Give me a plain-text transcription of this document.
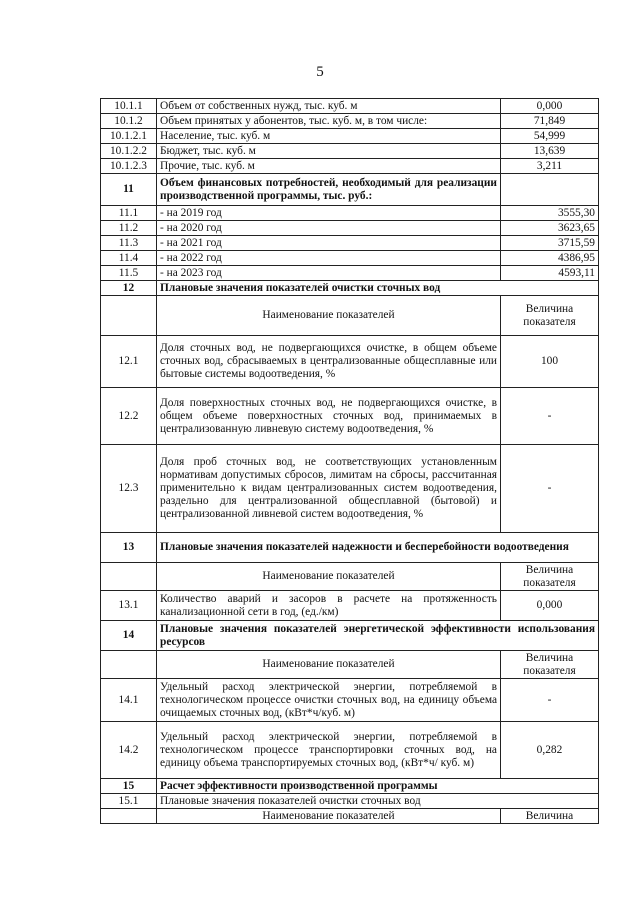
5
10.1.1	Объем от собственных нужд, тыс. куб. м	0,000
10.1.2	Объем принятых у абонентов, тыс. куб. м, в том числе:	71,849
10.1.2.1	Население, тыс. куб. м	54,999
10.1.2.2	Бюджет, тыс. куб. м	13,639
10.1.2.3	Прочие, тыс. куб. м	3,211
11	Объем финансовых потребностей, необходимый для реализации производственной программы, тыс. руб.:	
11.1	- на 2019 год	3555,30
11.2	- на 2020 год	3623,65
11.3	- на 2021 год	3715,59
11.4	- на 2022 год	4386,95
11.5	- на 2023 год	4593,11
12	Плановые значения показателей очистки сточных вод	
	Наименование показателей	Величина показателя
12.1	Доля сточных вод, не подвергающихся очистке, в общем объеме сточных вод, сбрасываемых в централизованные общесплавные или бытовые системы водоотведения, %	100
12.2	Доля поверхностных сточных вод, не подвергающихся очистке, в общем объеме поверхностных сточных вод, принимаемых в централизованную ливневую систему водоотведения, %	-
12.3	Доля проб сточных вод, не соответствующих установленным нормативам допустимых сбросов, лимитам на сбросы, рассчитанная применительно к видам централизованных систем водоотведения, раздельно для централизованной общесплавной (бытовой) и централизованной ливневой систем водоотведения, %	-
13	Плановые значения показателей надежности и бесперебойности водоотведения	
	Наименование показателей	Величина показателя
13.1	Количество аварий и засоров в расчете на протяженность канализационной сети в год, (ед./км)	0,000
14	Плановые значения показателей энергетической эффективности использования ресурсов	
	Наименование показателей	Величина показателя
14.1	Удельный расход электрической энергии, потребляемой в технологическом процессе очистки сточных вод, на единицу объема очищаемых сточных вод, (кВт*ч/куб. м)	-
14.2	Удельный расход электрической энергии, потребляемой в технологическом процессе транспортировки сточных вод, на единицу объема транспортируемых сточных вод, (кВт*ч/ куб. м)	0,282
15	Расчет эффективности производственной программы	
15.1	Плановые значения показателей очистки сточных вод	
	Наименование показателей	Величина
